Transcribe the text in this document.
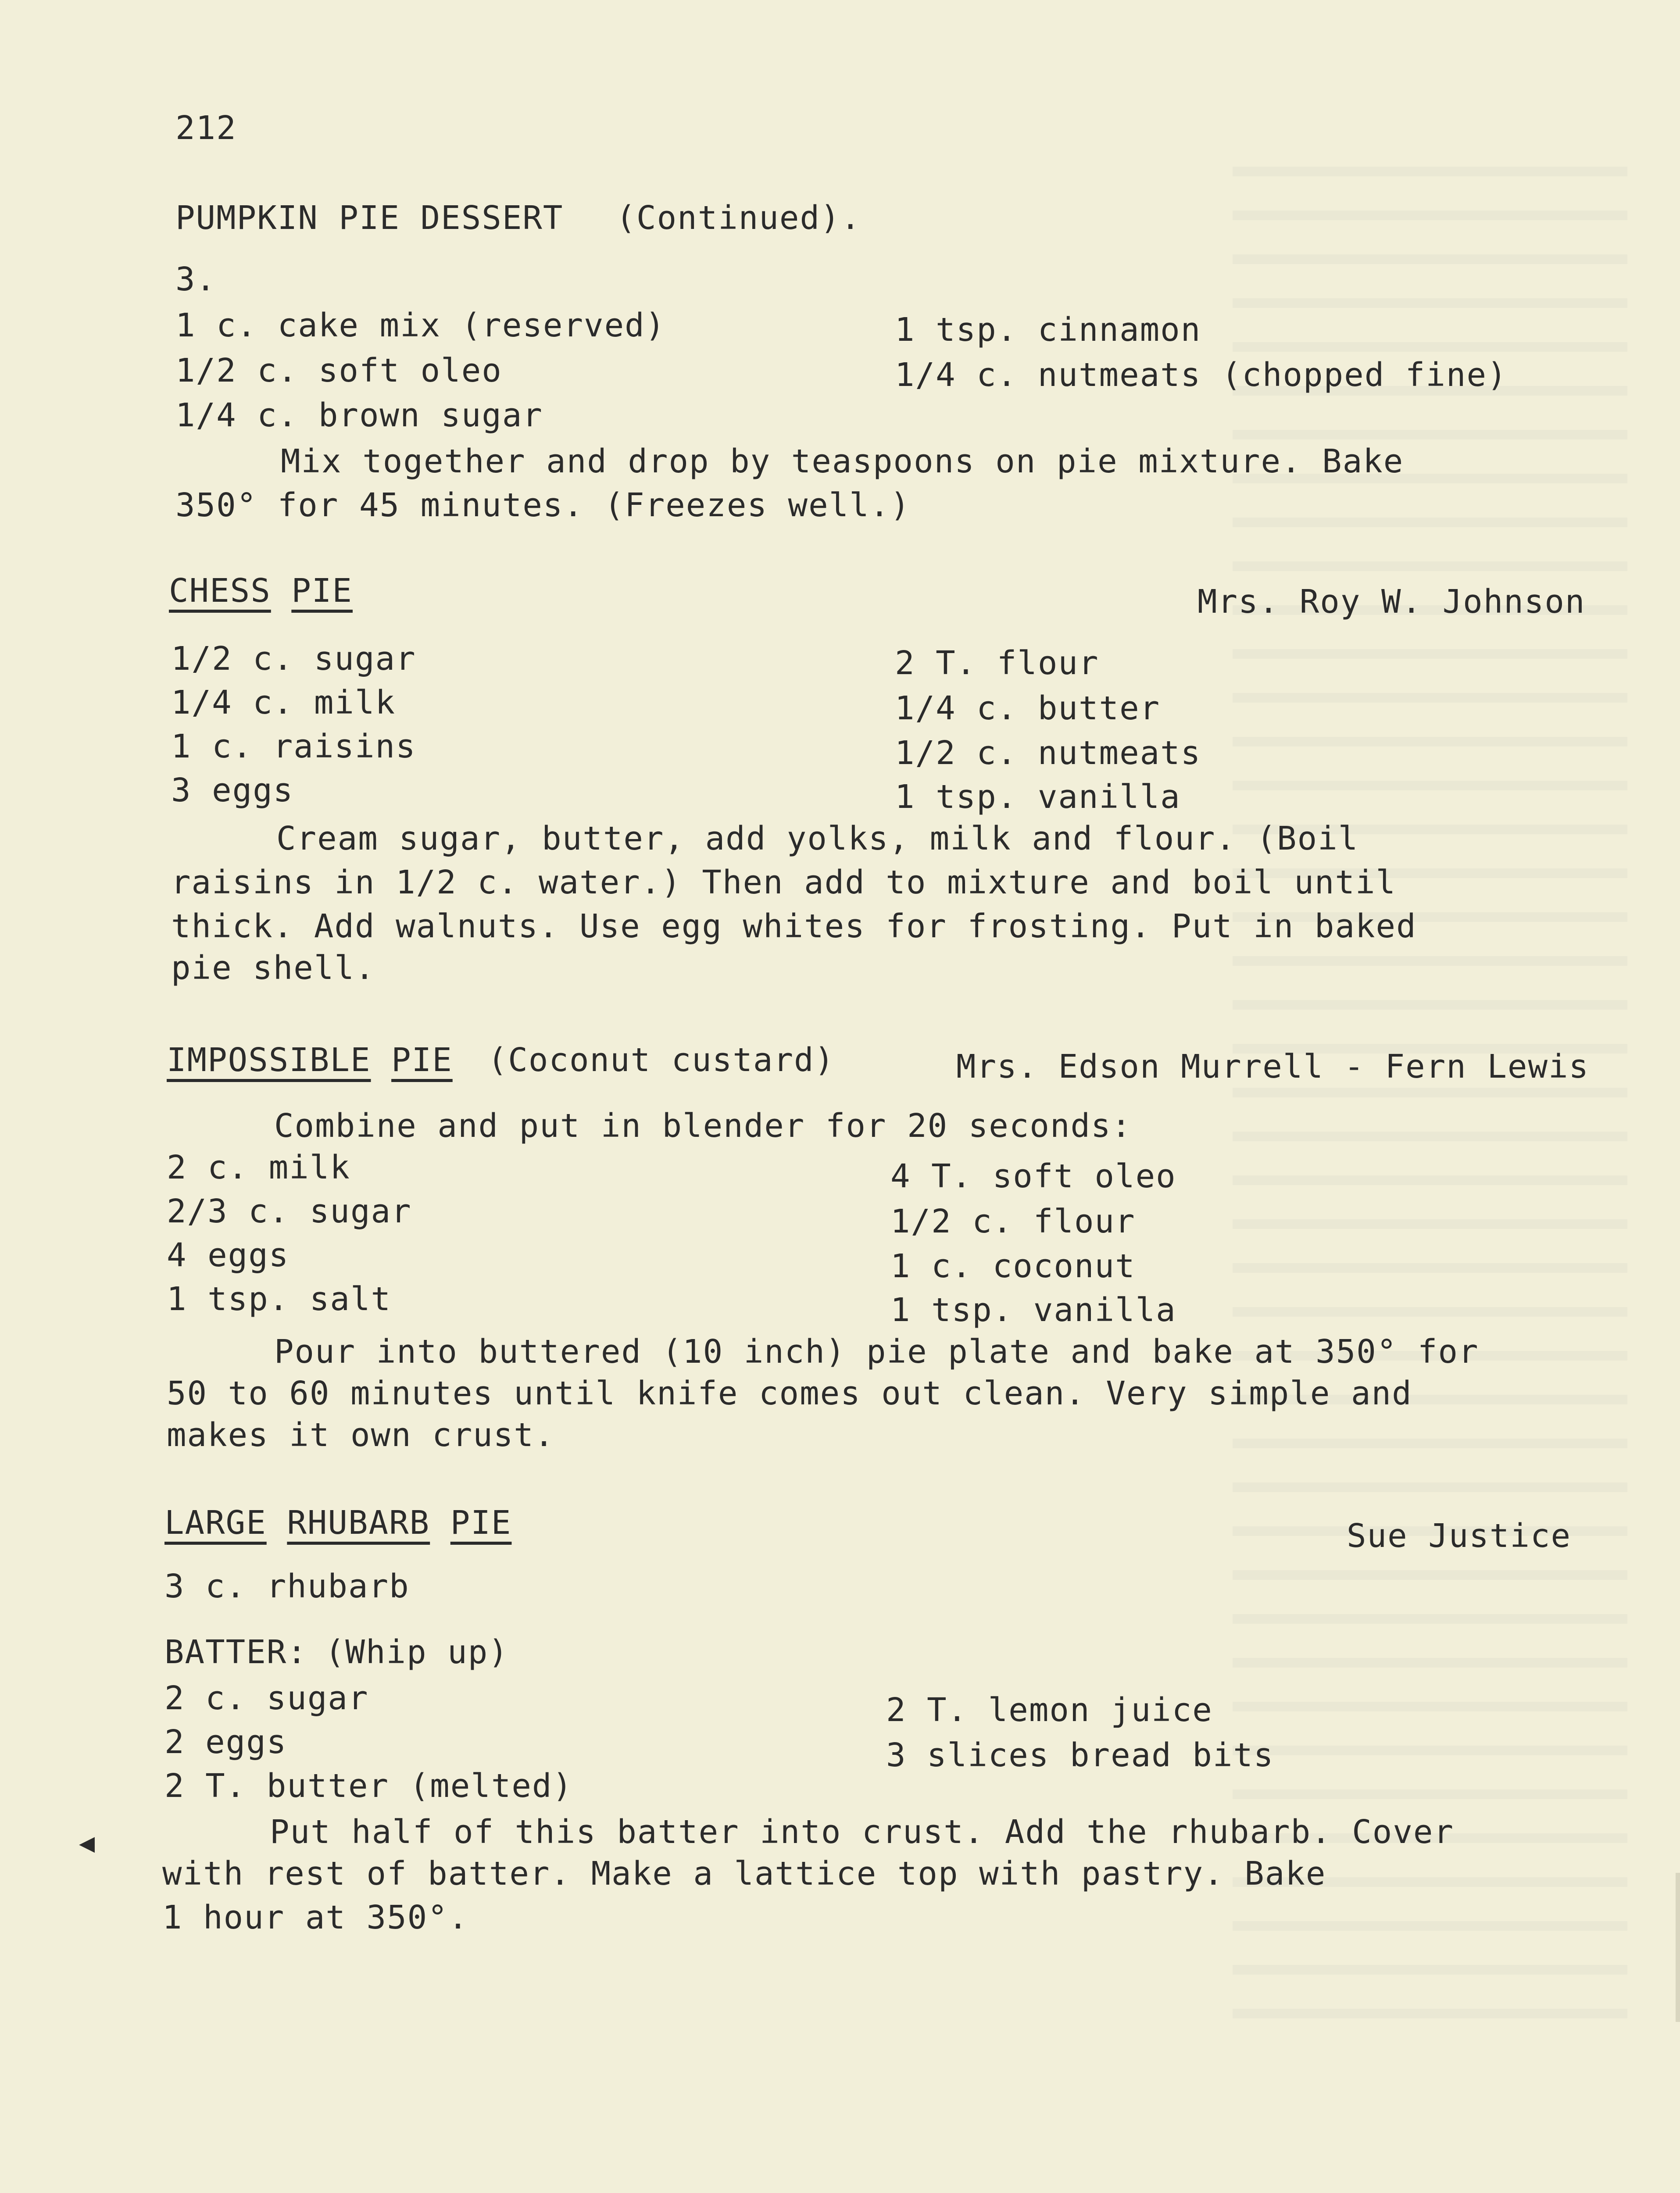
212
PUMPKIN PIE DESSERT (Continued).
3.
1 c. cake mix (reserved)
1/2 c. soft oleo
1/4 c. brown sugar
1 tsp. cinnamon
1/4 c. nutmeats (chopped fine)
Mix together and drop by teaspoons on pie mixture. Bake
350° for 45 minutes. (Freezes well.)
CHESS PIE	Mrs. Roy W. Johnson
1/2 c. sugar
1/4 c. milk
1 c. raisins
3 eggs
2 T. flour
1/4 c. butter
1/2 c. nutmeats
1 tsp. vanilla
Cream sugar, butter, add yolks, milk and flour. (Boil
raisins in 1/2 c. water.) Then add to mixture and boil until
thick. Add walnuts. Use egg whites for frosting. Put in baked
pie shell.
IMPOSSIBLE PIE (Coconut custard)	Mrs. Edson Murrell - Fern Lewis
Combine and put in blender for 20 seconds:
2 c. milk
2/3 c. sugar
4 eggs
1 tsp. salt
4 T. soft oleo
1/2 c. flour
1 c. coconut
1 tsp. vanilla
Pour into buttered (10 inch) pie plate and bake at 350° for
50 to 60 minutes until knife comes out clean. Very simple and
makes it own crust.
LARGE RHUBARB PIE	Sue Justice
3 c. rhubarb
BATTER: (Whip up)
2 c. sugar
2 eggs
2 T. butter (melted)
2 T. lemon juice
3 slices bread bits
Put half of this batter into crust. Add the rhubarb. Cover
with rest of batter. Make a lattice top with pastry. Bake
1 hour at 350°.
◀
